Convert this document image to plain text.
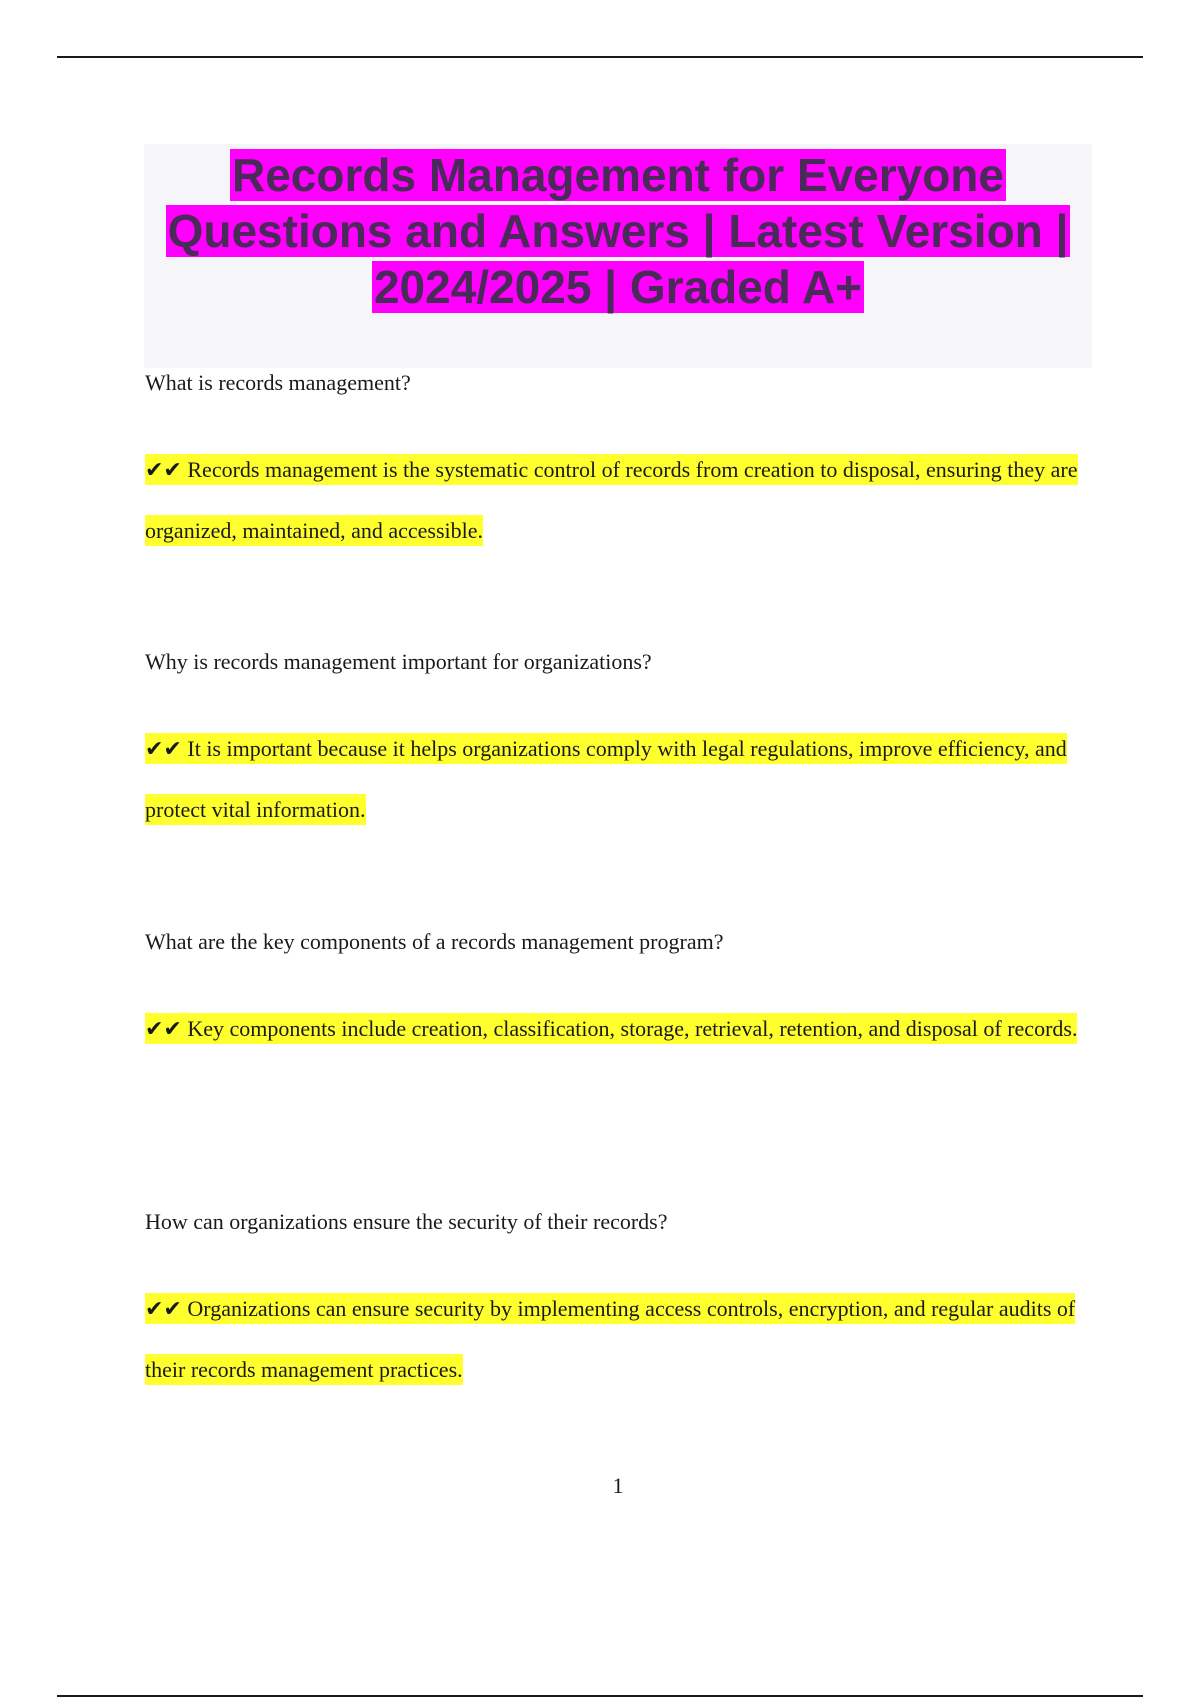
Records Management for Everyone Questions and Answers | Latest Version | 2024/2025 | Graded A+

What is records management?

✔✔ Records management is the systematic control of records from creation to disposal, ensuring they are organized, maintained, and accessible.

Why is records management important for organizations?

✔✔ It is important because it helps organizations comply with legal regulations, improve efficiency, and protect vital information.

What are the key components of a records management program?

✔✔ Key components include creation, classification, storage, retrieval, retention, and disposal of records.

How can organizations ensure the security of their records?

✔✔ Organizations can ensure security by implementing access controls, encryption, and regular audits of their records management practices.

1
